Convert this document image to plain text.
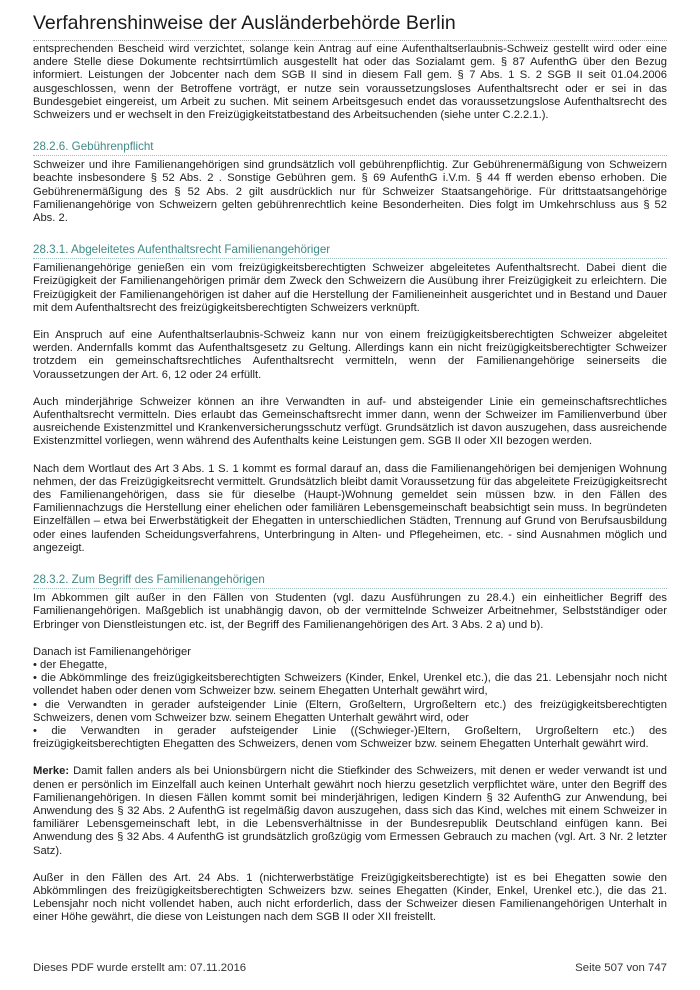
Verfahrenshinweise der Ausländerbehörde Berlin

entsprechenden Bescheid wird verzichtet, solange kein Antrag auf eine Aufenthaltserlaubnis-Schweiz gestellt wird oder eine andere Stelle diese Dokumente rechtsirrtümlich ausgestellt hat oder das Sozialamt gem. § 87 AufenthG über den Bezug informiert. Leistungen der Jobcenter nach dem SGB II sind in diesem Fall gem. § 7 Abs. 1 S. 2 SGB II seit 01.04.2006 ausgeschlossen, wenn der Betroffene vorträgt, er nutze sein voraussetzungsloses Aufenthaltsrecht oder er sei in das Bundesgebiet eingereist, um Arbeit zu suchen. Mit seinem Arbeitsgesuch endet das voraussetzungslose Aufenthaltsrecht des Schweizers und er wechselt in den Freizügigkeitstatbestand des Arbeitsuchenden (siehe unter C.2.2.1.).

28.2.6. Gebührenpflicht

Schweizer und ihre Familienangehörigen sind grundsätzlich voll gebührenpflichtig. Zur Gebührenermäßigung von Schweizern beachte insbesondere § 52 Abs. 2 . Sonstige Gebühren gem. § 69 AufenthG i.V.m. § 44 ff werden ebenso erhoben. Die Gebührenermäßigung des § 52 Abs. 2 gilt ausdrücklich nur für Schweizer Staatsangehörige. Für drittstaatsangehörige Familienangehörige von Schweizern gelten gebührenrechtlich keine Besonderheiten. Dies folgt im Umkehrschluss aus § 52 Abs. 2.

28.3.1. Abgeleitetes Aufenthaltsrecht Familienangehöriger

Familienangehörige genießen ein vom freizügigkeitsberechtigten Schweizer abgeleitetes Aufenthaltsrecht. Dabei dient die Freizügigkeit der Familienangehörigen primär dem Zweck den Schweizern die Ausübung ihrer Freizügigkeit zu erleichtern. Die Freizügigkeit der Familienangehörigen ist daher auf die Herstellung der Familieneinheit ausgerichtet und in Bestand und Dauer mit dem Aufenthaltsrecht des freizügigkeitsberechtigten Schweizers verknüpft.

Ein Anspruch auf eine Aufenthaltserlaubnis-Schweiz kann nur von einem freizügigkeitsberechtigten Schweizer abgeleitet werden. Andernfalls kommt das Aufenthaltsgesetz zu Geltung. Allerdings kann ein nicht freizügigkeitsberechtigter Schweizer trotzdem ein gemeinschaftsrechtliches Aufenthaltsrecht vermitteln, wenn der Familienangehörige seinerseits die Voraussetzungen der Art. 6, 12 oder 24 erfüllt.

Auch minderjährige Schweizer können an ihre Verwandten in auf- und absteigender Linie ein gemeinschaftsrechtliches Aufenthaltsrecht vermitteln. Dies erlaubt das Gemeinschaftsrecht immer dann, wenn der Schweizer im Familienverbund über ausreichende Existenzmittel und Krankenversicherungsschutz verfügt. Grundsätzlich ist davon auszugehen, dass ausreichende Existenzmittel vorliegen, wenn während des Aufenthalts keine Leistungen gem. SGB II oder XII bezogen werden.

Nach dem Wortlaut des Art 3 Abs. 1 S. 1 kommt es formal darauf an, dass die Familienangehörigen bei demjenigen Wohnung nehmen, der das Freizügigkeitsrecht vermittelt. Grundsätzlich bleibt damit Voraussetzung für das abgeleitete Freizügigkeitsrecht des Familienangehörigen, dass sie für dieselbe (Haupt-)Wohnung gemeldet sein müssen bzw. in den Fällen des Familiennachzugs die Herstellung einer ehelichen oder familiären Lebensgemeinschaft beabsichtigt sein muss. In begründeten Einzelfällen – etwa bei Erwerbstätigkeit der Ehegatten in unterschiedlichen Städten, Trennung auf Grund von Berufsausbildung oder eines laufenden Scheidungsverfahrens, Unterbringung in Alten- und Pflegeheimen, etc. - sind Ausnahmen möglich und angezeigt.

28.3.2. Zum Begriff des Familienangehörigen

Im Abkommen gilt außer in den Fällen von Studenten (vgl. dazu Ausführungen zu 28.4.) ein einheitlicher Begriff des Familienangehörigen. Maßgeblich ist unabhängig davon, ob der vermittelnde Schweizer Arbeitnehmer, Selbstständiger oder Erbringer von Dienstleistungen etc. ist, der Begriff des Familienangehörigen des Art. 3 Abs. 2 a) und b).

Danach ist Familienangehöriger
• der Ehegatte,
• die Abkömmlinge des freizügigkeitsberechtigten Schweizers (Kinder, Enkel, Urenkel etc.), die das 21. Lebensjahr noch nicht vollendet haben oder denen vom Schweizer bzw. seinem Ehegatten Unterhalt gewährt wird,
• die Verwandten in gerader aufsteigender Linie (Eltern, Großeltern, Urgroßeltern etc.) des freizügigkeitsberechtigten Schweizers, denen vom Schweizer bzw. seinem Ehegatten Unterhalt gewährt wird, oder
• die Verwandten in gerader aufsteigender Linie ((Schwieger-)Eltern, Großeltern, Urgroßeltern etc.) des freizügigkeitsberechtigten Ehegatten des Schweizers, denen vom Schweizer bzw. seinem Ehegatten Unterhalt gewährt wird.

Merke: Damit fallen anders als bei Unionsbürgern nicht die Stiefkinder des Schweizers, mit denen er weder verwandt ist und denen er persönlich im Einzelfall auch keinen Unterhalt gewährt noch hierzu gesetzlich verpflichtet wäre, unter den Begriff des Familienangehörigen. In diesen Fällen kommt somit bei minderjährigen, ledigen Kindern § 32 AufenthG zur Anwendung, bei Anwendung des § 32 Abs. 2 AufenthG ist regelmäßig davon auszugehen, dass sich das Kind, welches mit einem Schweizer in familiärer Lebensgemeinschaft lebt, in die Lebensverhältnisse in der Bundesrepublik Deutschland einfügen kann. Bei Anwendung des § 32 Abs. 4 AufenthG ist grundsätzlich großzügig vom Ermessen Gebrauch zu machen (vgl. Art. 3 Nr. 2 letzter Satz).

Außer in den Fällen des Art. 24 Abs. 1 (nichterwerbstätige Freizügigkeitsberechtigte) ist es bei Ehegatten sowie den Abkömmlingen des freizügigkeitsberechtigten Schweizers bzw. seines Ehegatten (Kinder, Enkel, Urenkel etc.), die das 21. Lebensjahr noch nicht vollendet haben, auch nicht erforderlich, dass der Schweizer diesen Familienangehörigen Unterhalt in einer Höhe gewährt, die diese von Leistungen nach dem SGB II oder XII freistellt.

Dieses PDF wurde erstellt am: 07.11.2016	Seite 507 von 747
